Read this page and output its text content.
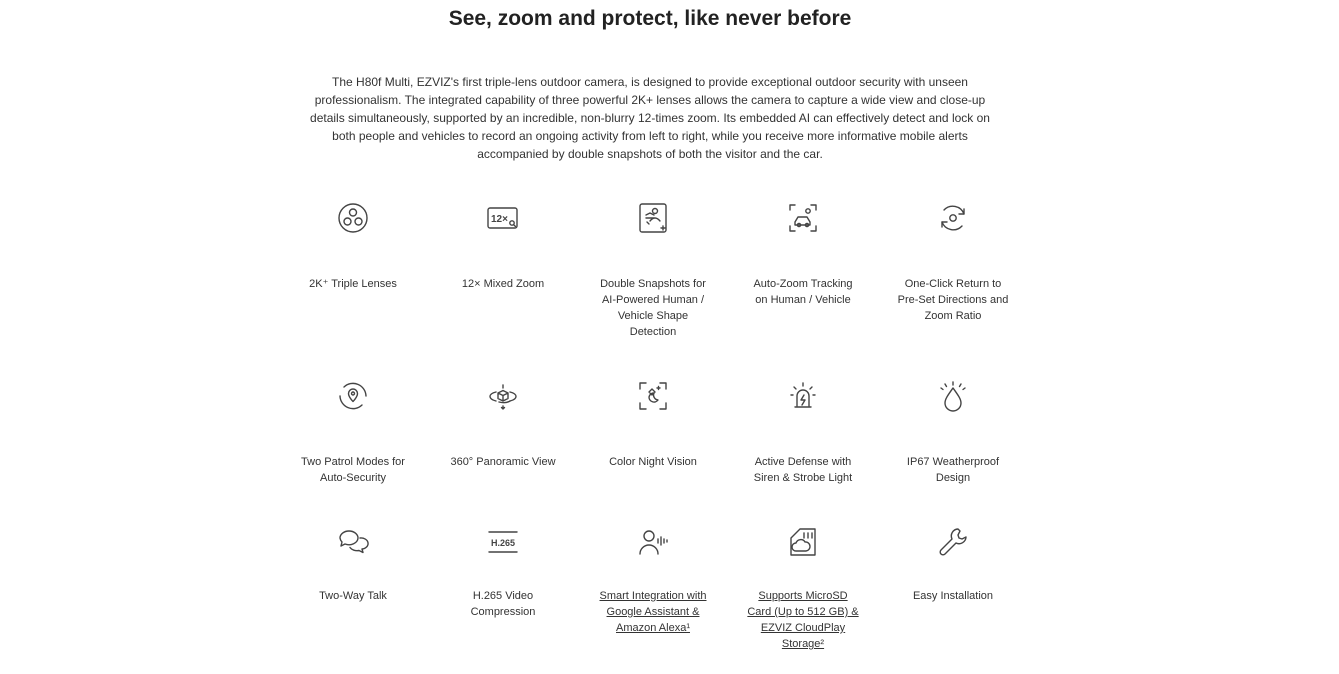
See, zoom and protect, like never before

The H80f Multi, EZVIZ's first triple-lens outdoor camera, is designed to provide exceptional outdoor security with unseen professionalism. The integrated capability of three powerful 2K+ lenses allows the camera to capture a wide view and close-up details simultaneously, supported by an incredible, non-blurry 12-times zoom. Its embedded AI can effectively detect and lock on both people and vehicles to record an ongoing activity from left to right, while you receive more informative mobile alerts accompanied by double snapshots of both the visitor and the car.

2K⁺ Triple Lenses
12×
12× Mixed Zoom	Double Snapshots for AI-Powered Human / Vehicle Shape Detection
Auto-Zoom Tracking on Human / Vehicle
One-Click Return to Pre-Set Directions and Zoom Ratio
Two Patrol Modes for Auto-Security
360° Panoramic View	Color Night Vision	Active Defense with Siren & Strobe Light
IP67 Weatherproof Design
Two-Way Talk
H.265
H.265 Video Compression
Smart Integration with Google Assistant & Amazon Alexa¹
Supports MicroSD Card (Up to 512 GB) & EZVIZ CloudPlay Storage²
Easy Installation
